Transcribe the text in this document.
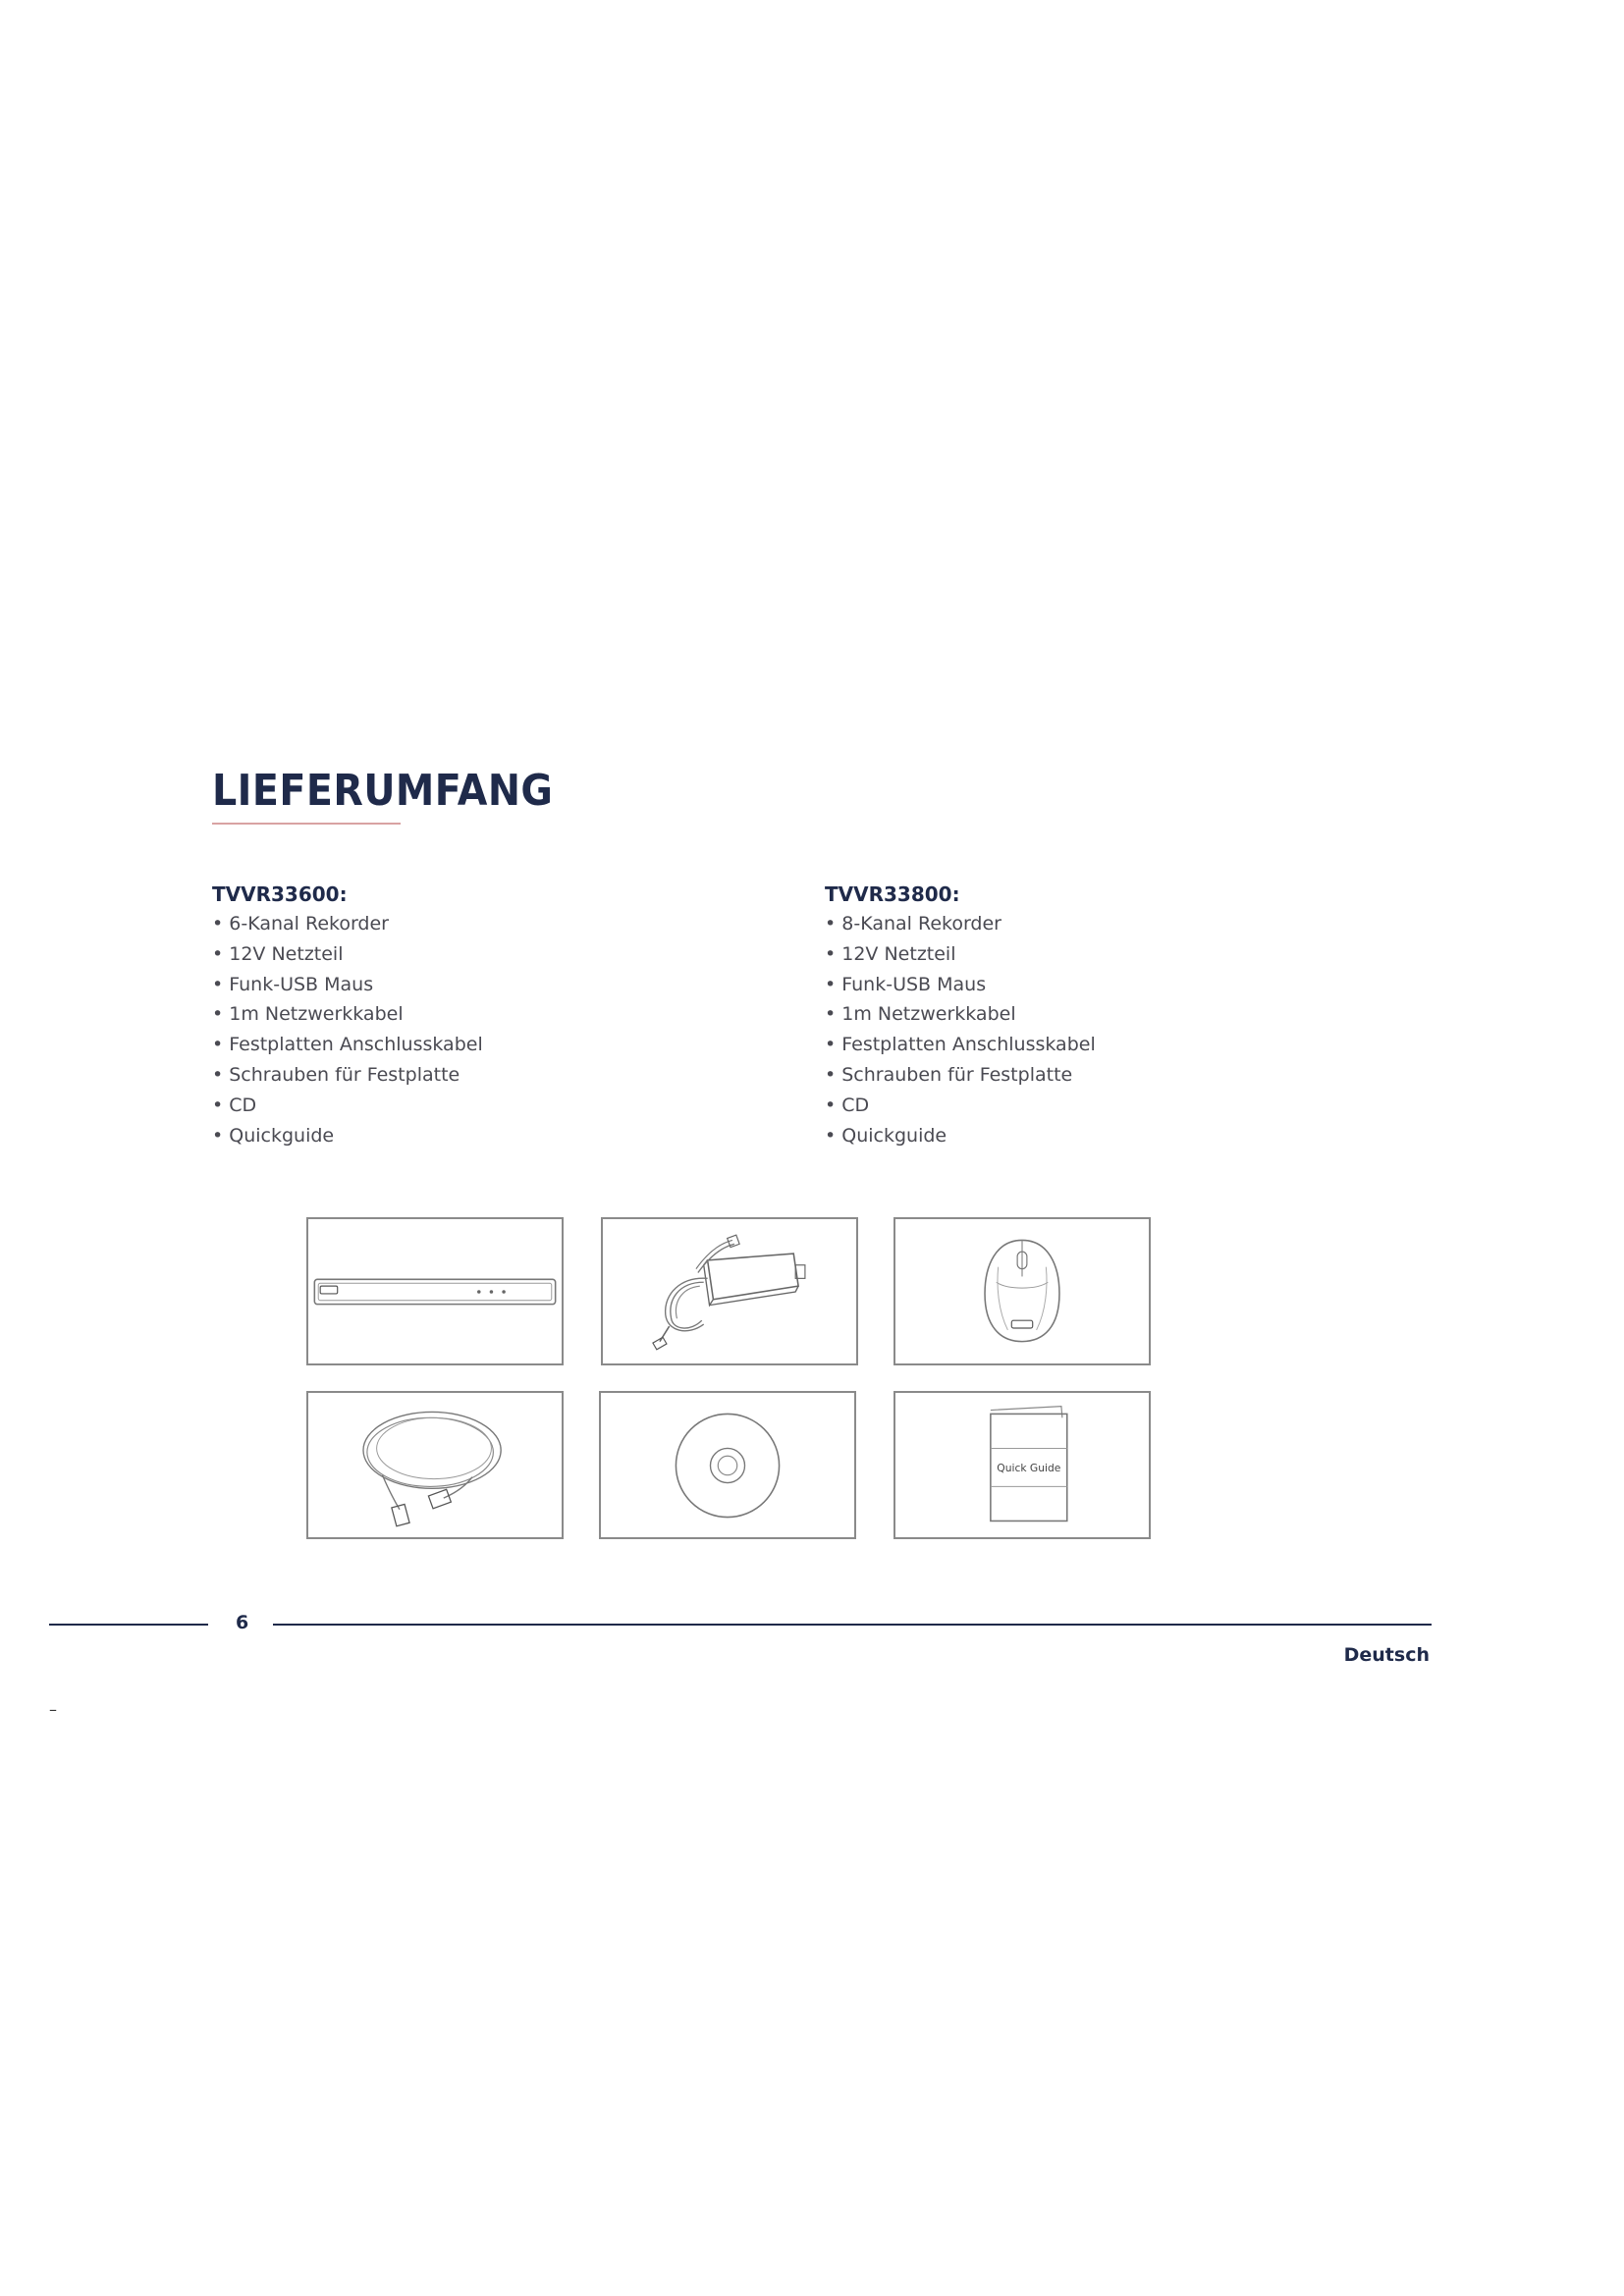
LIEFERUMFANG
TVVR33600:
• 6-Kanal Rekorder
• 12V Netzteil
• Funk-USB Maus
• 1m Netzwerkkabel
• Festplatten Anschlusskabel
• Schrauben für Festplatte
• CD
• Quickguide
TVVR33800:
• 8-Kanal Rekorder
• 12V Netzteil
• Funk-USB Maus
• 1m Netzwerkkabel
• Festplatten Anschlusskabel
• Schrauben für Festplatte
• CD
• Quickguide
Quick Guide
6
Deutsch
–
